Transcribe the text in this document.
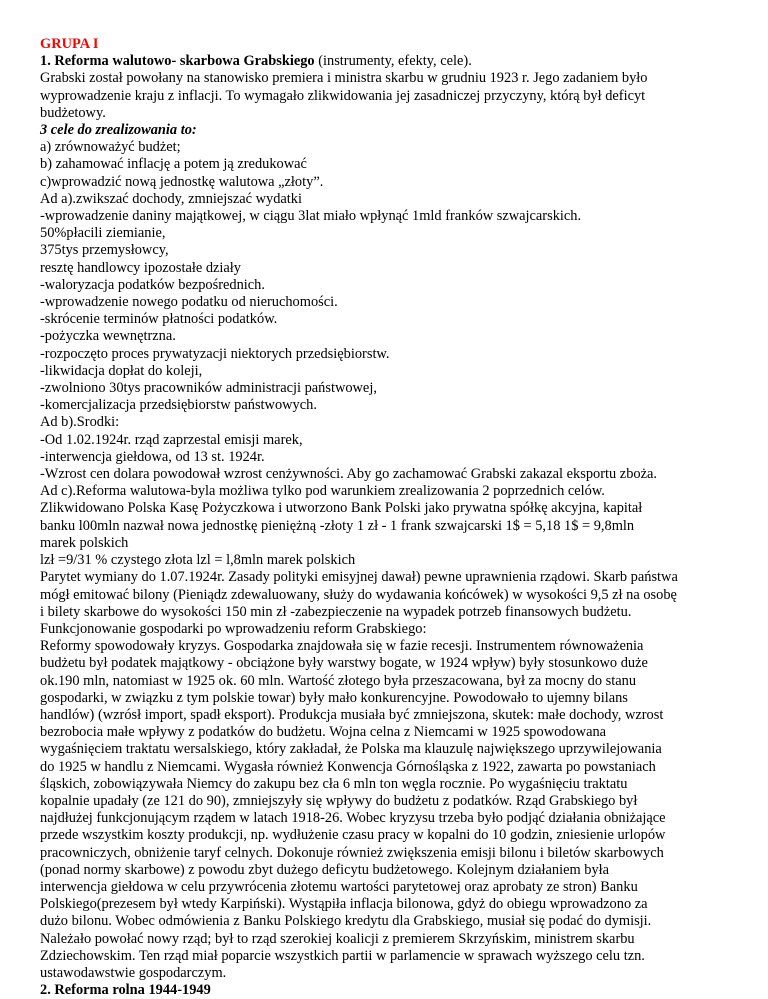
GRUPA I
1. Reforma walutowo- skarbowa Grabskiego (instrumenty, efekty, cele).
Grabski został powołany na stanowisko premiera i ministra skarbu w grudniu 1923 r. Jego zadaniem było
wyprowadzenie kraju z inflacji. To wymagało zlikwidowania jej zasadniczej przyczyny, którą był deficyt
budżetowy.
3 cele do zrealizowania to:
a) zrównoważyć budżet;
b) zahamować inflację a potem ją zredukować
c)wprowadzić nową jednostkę walutowa „złoty”.
Ad a).zwikszać dochody, zmniejszać wydatki
-wprowadzenie daniny majątkowej, w ciągu 3lat miało wpłynąć 1mld franków szwajcarskich.
50%płacili ziemianie,
375tys przemysłowcy,
resztę handlowcy ipozostałe działy
-waloryzacja podatków bezpośrednich.
-wprowadzenie nowego podatku od nieruchomości.
-skrócenie terminów płatności podatków.
-pożyczka wewnętrzna.
-rozpoczęto proces prywatyzacji niektorych przedsiębiorstw.
-likwidacja dopłat do koleji,
-zwolniono 30tys pracowników administracji państwowej,
-komercjalizacja przedsiębiorstw państwowych.
Ad b).Srodki:
-Od 1.02.1924r. rząd zaprzestal emisji marek,
-interwencja giełdowa, od 13 st. 1924r.
-Wzrost cen dolara powodował wzrost cenżywności. Aby go zachamować Grabski zakazal eksportu zboża.
Ad c).Reforma walutowa-byla możliwa tylko pod warunkiem zrealizowania 2 poprzednich celów.
Zlikwidowano Polska Kasę Pożyczkowa i utworzono Bank Polski jako prywatna spółkę akcyjna, kapitał
banku l00mln nazwał nowa jednostkę pieniężną -złoty 1 zł - 1 frank szwajcarski 1$ = 5,18 1$ = 9,8mln
marek polskich
lzł =9/31 % czystego złota lzl = l,8mln marek polskich
Parytet wymiany do 1.07.1924r. Zasady polityki emisyjnej dawał) pewne uprawnienia rządowi. Skarb państwa
mógł emitować bilony (Pieniądz zdewaluowany, służy do wydawania końcówek) w wysokości 9,5 zł na osobę
i bilety skarbowe do wysokości 150 min zł -zabezpieczenie na wypadek potrzeb finansowych budżetu.
Funkcjonowanie gospodarki po wprowadzeniu reform Grabskiego:
Reformy spowodowały kryzys. Gospodarka znajdowała się w fazie recesji. Instrumentem równoważenia
budżetu był podatek majątkowy - obciążone były warstwy bogate, w 1924 wpływ) były stosunkowo duże
ok.190 mln, natomiast w 1925 ok. 60 mln. Wartość złotego była przeszacowana, był za mocny do stanu
gospodarki, w związku z tym polskie towar) były mało konkurencyjne. Powodowało to ujemny bilans
handlów) (wzrósł import, spadł eksport). Produkcja musiała być zmniejszona, skutek: małe dochody, wzrost
bezrobocia małe wpływy z podatków do budżetu. Wojna celna z Niemcami w 1925 spowodowana
wygaśnięciem traktatu wersalskiego, który zakładał, że Polska ma klauzulę największego uprzywilejowania
do 1925 w handlu z Niemcami. Wygasła również Konwencja Górnośląska z 1922, zawarta po powstaniach
śląskich, zobowiązywała Niemcy do zakupu bez cła 6 mln ton węgla rocznie. Po wygaśnięciu traktatu
kopalnie upadały (ze 121 do 90), zmniejszyły się wpływy do budżetu z podatków. Rząd Grabskiego był
najdłużej funkcjonującym rządem w latach 1918-26. Wobec kryzysu trzeba było podjąć działania obniżające
przede wszystkim koszty produkcji, np. wydłużenie czasu pracy w kopalni do 10 godzin, zniesienie urlopów
pracowniczych, obniżenie taryf celnych. Dokonuje również zwiększenia emisji bilonu i biletów skarbowych
(ponad normy skarbowe) z powodu zbyt dużego deficytu budżetowego. Kolejnym działaniem była
interwencja giełdowa w celu przywrócenia złotemu wartości parytetowej oraz aprobaty ze stron) Banku
Polskiego(prezesem był wtedy Karpiński). Wystąpiła inflacja bilonowa, gdyż do obiegu wprowadzono za
dużo bilonu. Wobec odmówienia z Banku Polskiego kredytu dla Grabskiego, musiał się podać do dymisji.
Należało powołać nowy rząd; był to rząd szerokiej koalicji z premierem Skrzyńskim, ministrem skarbu
Zdziechowskim. Ten rząd miał poparcie wszystkich partii w parlamencie w sprawach wyższego celu tzn.
ustawodawstwie gospodarczym.
2. Reforma rolna 1944-1949
